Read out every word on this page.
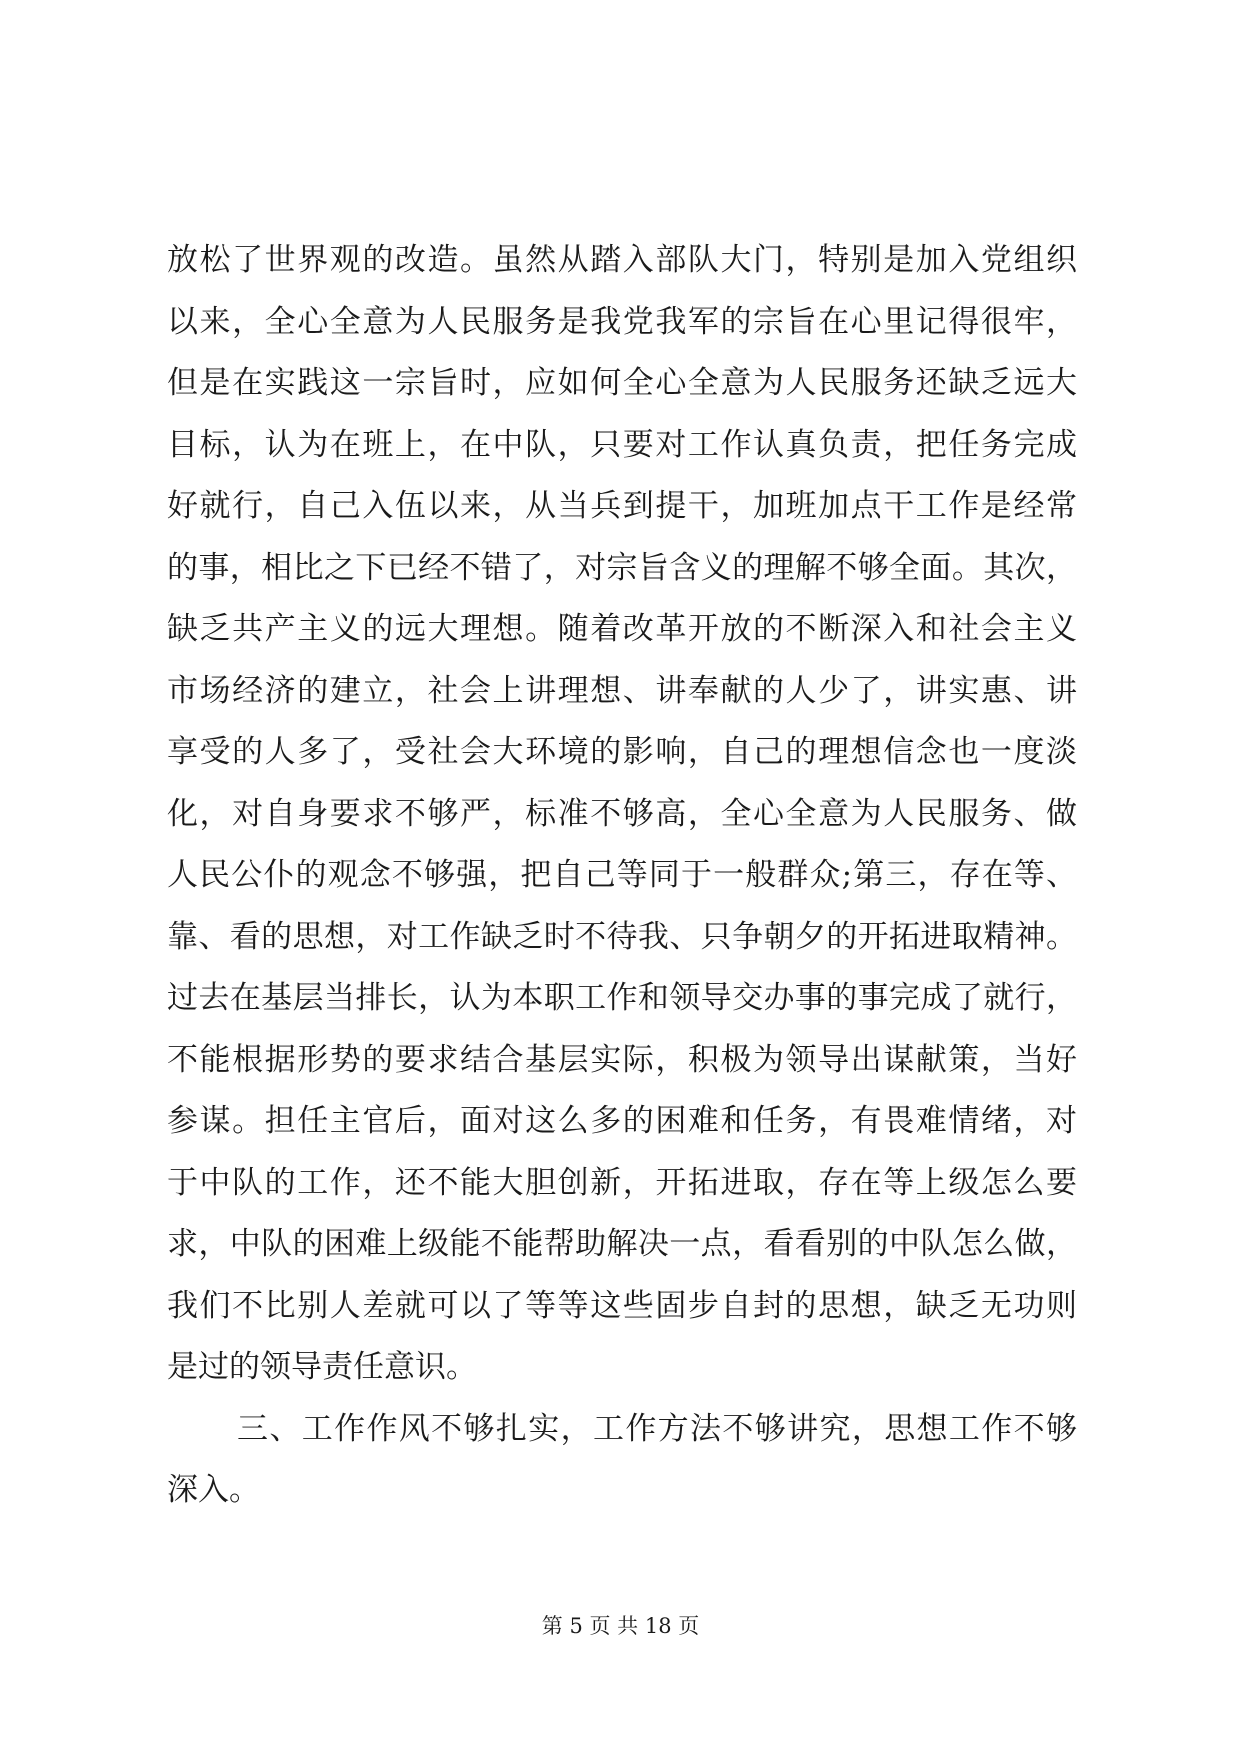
放松了世界观的改造。虽然从踏入部队大门，特别是加入党组织
以来，全心全意为人民服务是我党我军的宗旨在心里记得很牢，
但是在实践这一宗旨时，应如何全心全意为人民服务还缺乏远大
目标，认为在班上，在中队，只要对工作认真负责，把任务完成
好就行，自己入伍以来，从当兵到提干，加班加点干工作是经常
的事，相比之下已经不错了，对宗旨含义的理解不够全面。其次，
缺乏共产主义的远大理想。随着改革开放的不断深入和社会主义
市场经济的建立，社会上讲理想、讲奉献的人少了，讲实惠、讲
享受的人多了，受社会大环境的影响，自己的理想信念也一度淡
化，对自身要求不够严，标准不够高，全心全意为人民服务、做
人民公仆的观念不够强，把自己等同于一般群众;第三，存在等、
靠、看的思想，对工作缺乏时不待我、只争朝夕的开拓进取精神。
过去在基层当排长，认为本职工作和领导交办事的事完成了就行，
不能根据形势的要求结合基层实际，积极为领导出谋献策，当好
参谋。担任主官后，面对这么多的困难和任务，有畏难情绪，对
于中队的工作，还不能大胆创新，开拓进取，存在等上级怎么要
求，中队的困难上级能不能帮助解决一点，看看别的中队怎么做，
我们不比别人差就可以了等等这些固步自封的思想，缺乏无功则
是过的领导责任意识。
三、工作作风不够扎实，工作方法不够讲究，思想工作不够
深入。
第 5 页 共 18 页
